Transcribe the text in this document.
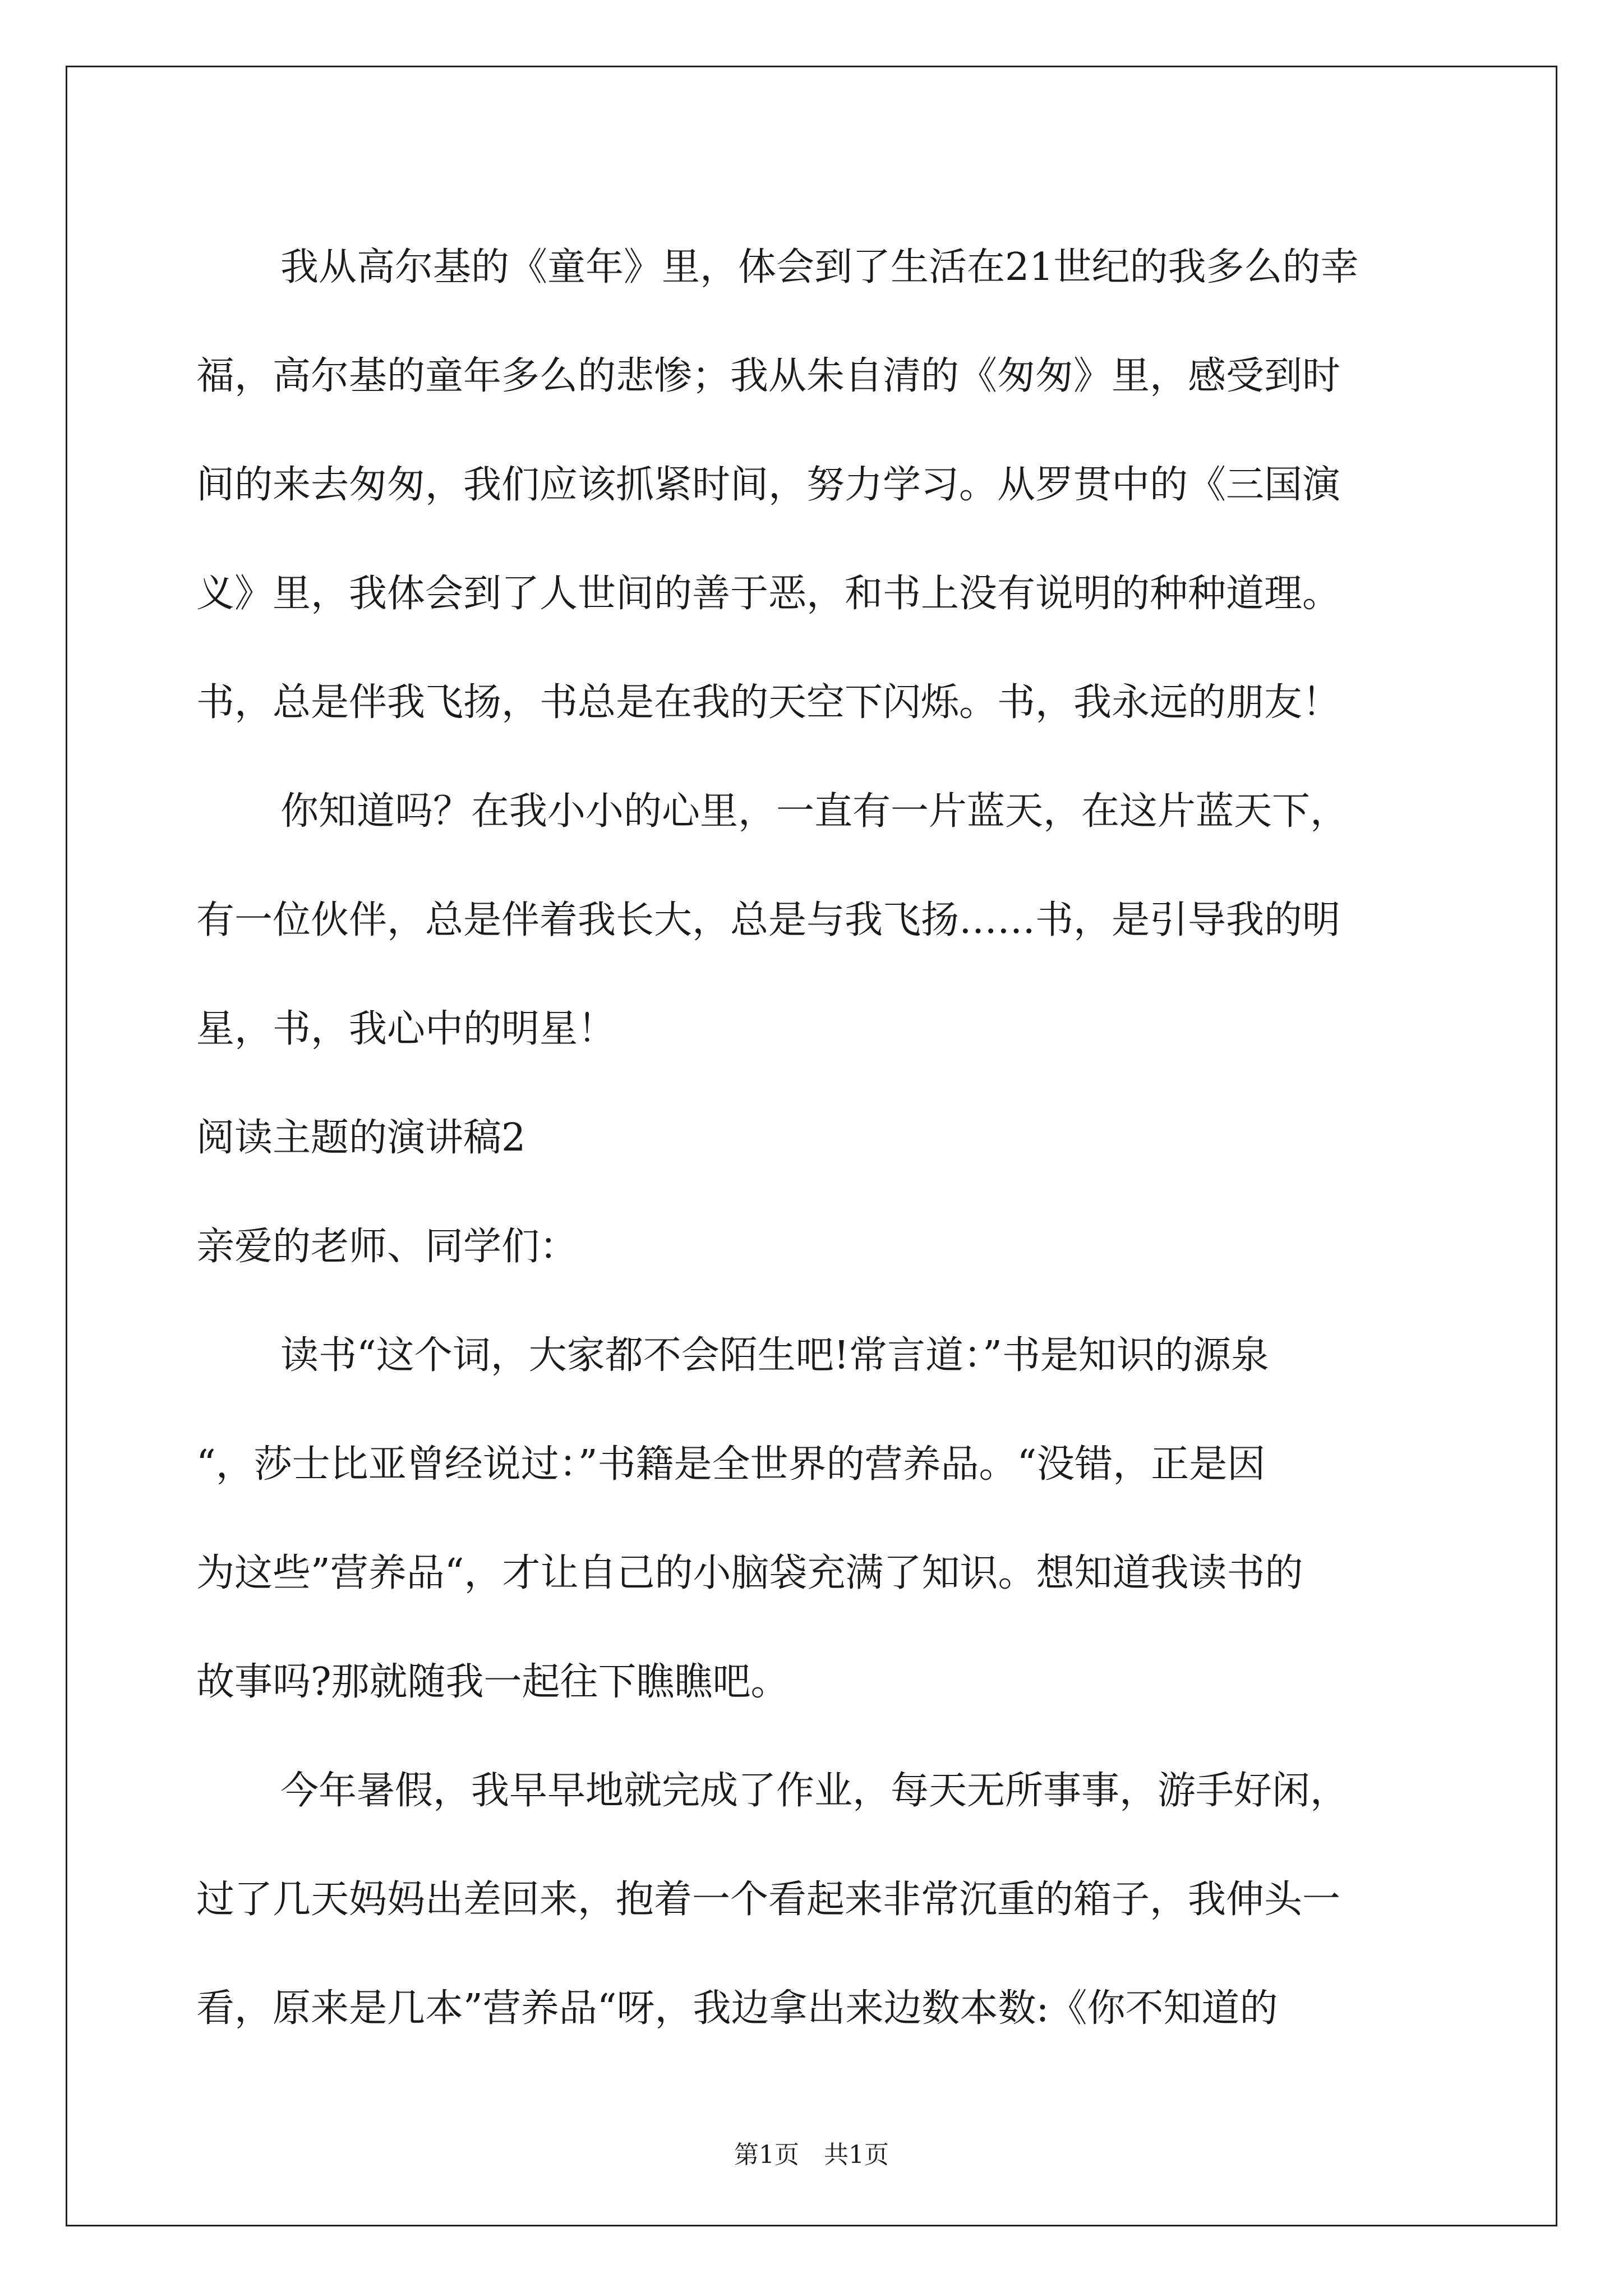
我从高尔基的《童年》里，体会到了生活在21世纪的我多么的幸

福，高尔基的童年多么的悲惨；我从朱自清的《匆匆》里，感受到时

间的来去匆匆，我们应该抓紧时间，努力学习。从罗贯中的《三国演

义》里，我体会到了人世间的善于恶，和书上没有说明的种种道理。

书，总是伴我飞扬，书总是在我的天空下闪烁。书，我永远的朋友！

你知道吗？在我小小的心里，一直有一片蓝天，在这片蓝天下，

有一位伙伴，总是伴着我长大，总是与我飞扬……书，是引导我的明

星，书，我心中的明星！

阅读主题的演讲稿2

亲爱的老师、同学们：

读书“这个词，大家都不会陌生吧!常言道：”书是知识的源泉

“，莎士比亚曾经说过：”书籍是全世界的营养品。“没错，正是因

为这些”营养品“，才让自己的小脑袋充满了知识。想知道我读书的

故事吗?那就随我一起往下瞧瞧吧。

今年暑假，我早早地就完成了作业，每天无所事事，游手好闲，

过了几天妈妈出差回来，抱着一个看起来非常沉重的箱子，我伸头一

看，原来是几本”营养品“呀，我边拿出来边数本数:《你不知道的

第1页　共1页
